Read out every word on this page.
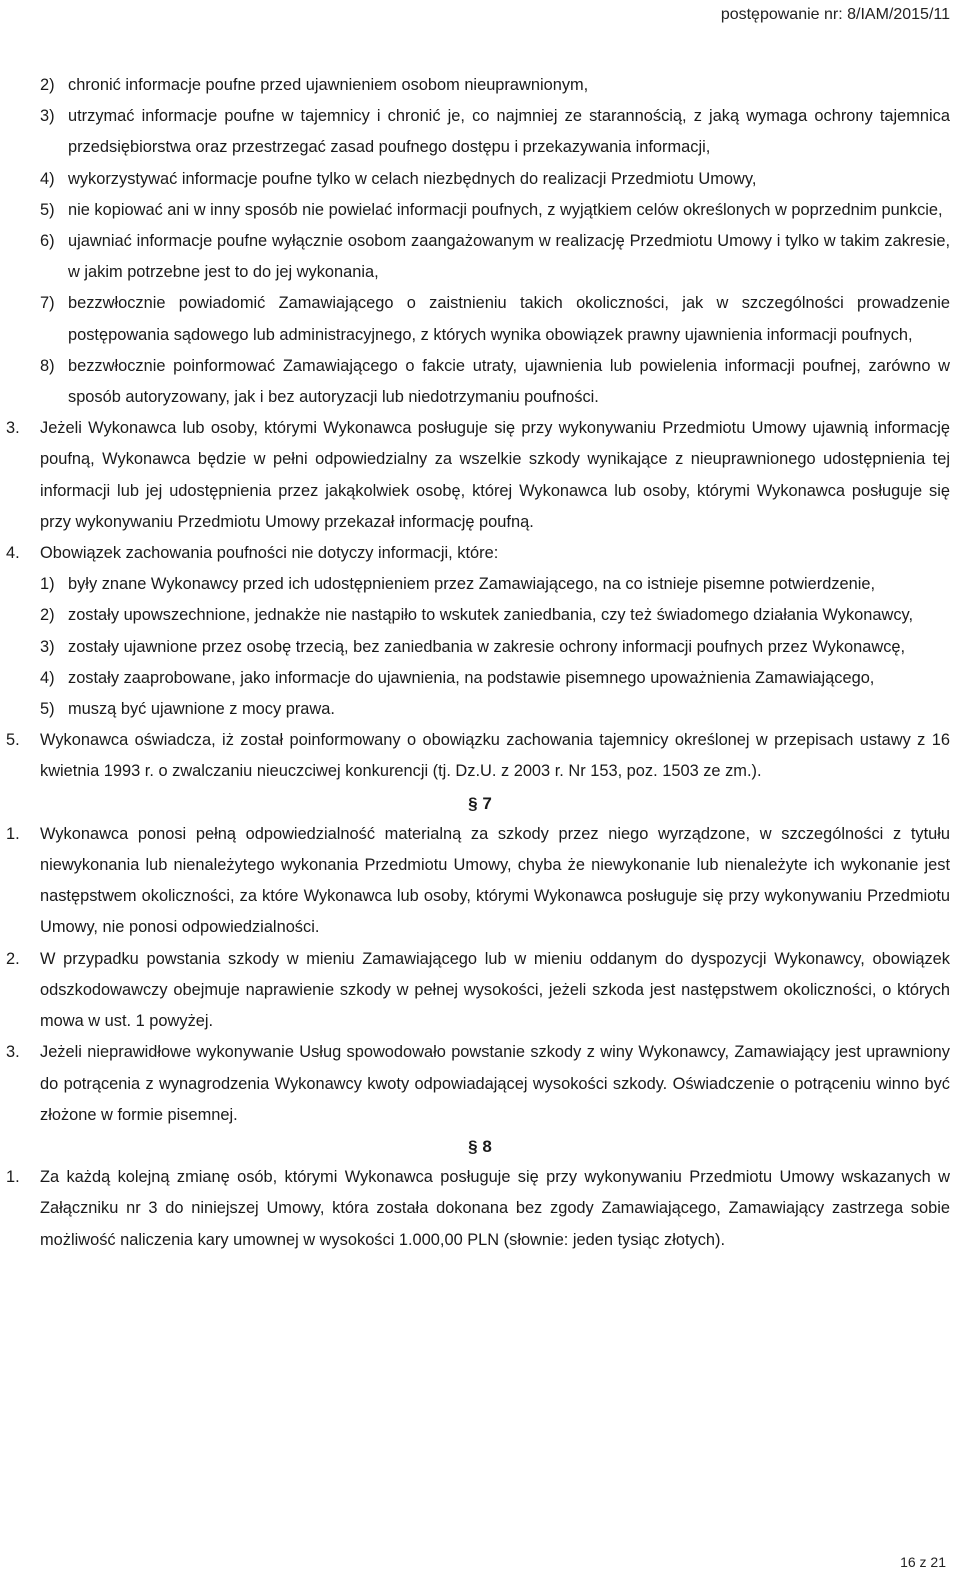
postępowanie nr: 8/IAM/2015/11
2) chronić informacje poufne przed ujawnieniem osobom nieuprawnionym,
3) utrzymać informacje poufne w tajemnicy i chronić je, co najmniej ze starannością, z jaką wymaga ochrony tajemnica przedsiębiorstwa oraz przestrzegać zasad poufnego dostępu i przekazywania informacji,
4) wykorzystywać informacje poufne tylko w celach niezbędnych do realizacji Przedmiotu Umowy,
5) nie kopiować ani w inny sposób nie powielać informacji poufnych, z wyjątkiem celów określonych w poprzednim punkcie,
6) ujawniać informacje poufne wyłącznie osobom zaangażowanym w realizację Przedmiotu Umowy i tylko w takim zakresie, w jakim potrzebne jest to do jej wykonania,
7) bezzwłocznie powiadomić Zamawiającego o zaistnieniu takich okoliczności, jak w szczególności prowadzenie postępowania sądowego lub administracyjnego, z których wynika obowiązek prawny ujawnienia informacji poufnych,
8) bezzwłocznie poinformować Zamawiającego o fakcie utraty, ujawnienia lub powielenia informacji poufnej, zarówno w sposób autoryzowany, jak i bez autoryzacji lub niedotrzymaniu poufności.
3. Jeżeli Wykonawca lub osoby, którymi Wykonawca posługuje się przy wykonywaniu Przedmiotu Umowy ujawnią informację poufną, Wykonawca będzie w pełni odpowiedzialny za wszelkie szkody wynikające z nieuprawnionego udostępnienia tej informacji lub jej udostępnienia przez jakąkolwiek osobę, której Wykonawca lub osoby, którymi Wykonawca posługuje się przy wykonywaniu Przedmiotu Umowy przekazał informację poufną.
4. Obowiązek zachowania poufności nie dotyczy informacji, które:
1) były znane Wykonawcy przed ich udostępnieniem przez Zamawiającego, na co istnieje pisemne potwierdzenie,
2) zostały upowszechnione, jednakże nie nastąpiło to wskutek zaniedbania, czy też świadomego działania Wykonawcy,
3) zostały ujawnione przez osobę trzecią, bez zaniedbania w zakresie ochrony informacji poufnych przez Wykonawcę,
4) zostały zaaprobowane, jako informacje do ujawnienia, na podstawie pisemnego upoważnienia Zamawiającego,
5) muszą być ujawnione z mocy prawa.
5. Wykonawca oświadcza, iż został poinformowany o obowiązku zachowania tajemnicy określonej w przepisach ustawy z 16 kwietnia 1993 r. o zwalczaniu nieuczciwej konkurencji (tj. Dz.U. z 2003 r. Nr 153, poz. 1503 ze zm.).
§ 7
1. Wykonawca ponosi pełną odpowiedzialność materialną za szkody przez niego wyrządzone, w szczególności z tytułu niewykonania lub nienależytego wykonania Przedmiotu Umowy, chyba że niewykonanie lub nienależyte ich wykonanie jest następstwem okoliczności, za które Wykonawca lub osoby, którymi Wykonawca posługuje się przy wykonywaniu Przedmiotu Umowy, nie ponosi odpowiedzialności.
2. W przypadku powstania szkody w mieniu Zamawiającego lub w mieniu oddanym do dyspozycji Wykonawcy, obowiązek odszkodowawczy obejmuje naprawienie szkody w pełnej wysokości, jeżeli szkoda jest następstwem okoliczności, o których mowa w ust. 1 powyżej.
3. Jeżeli nieprawidłowe wykonywanie Usług spowodowało powstanie szkody z winy Wykonawcy, Zamawiający jest uprawniony do potrącenia z wynagrodzenia Wykonawcy kwoty odpowiadającej wysokości szkody. Oświadczenie o potrąceniu winno być złożone w formie pisemnej.
§ 8
1. Za każdą kolejną zmianę osób, którymi Wykonawca posługuje się przy wykonywaniu Przedmiotu Umowy wskazanych w Załączniku nr 3 do niniejszej Umowy, która została dokonana bez zgody Zamawiającego, Zamawiający zastrzega sobie możliwość naliczenia kary umownej w wysokości 1.000,00 PLN (słownie: jeden tysiąc złotych).
16 z 21
